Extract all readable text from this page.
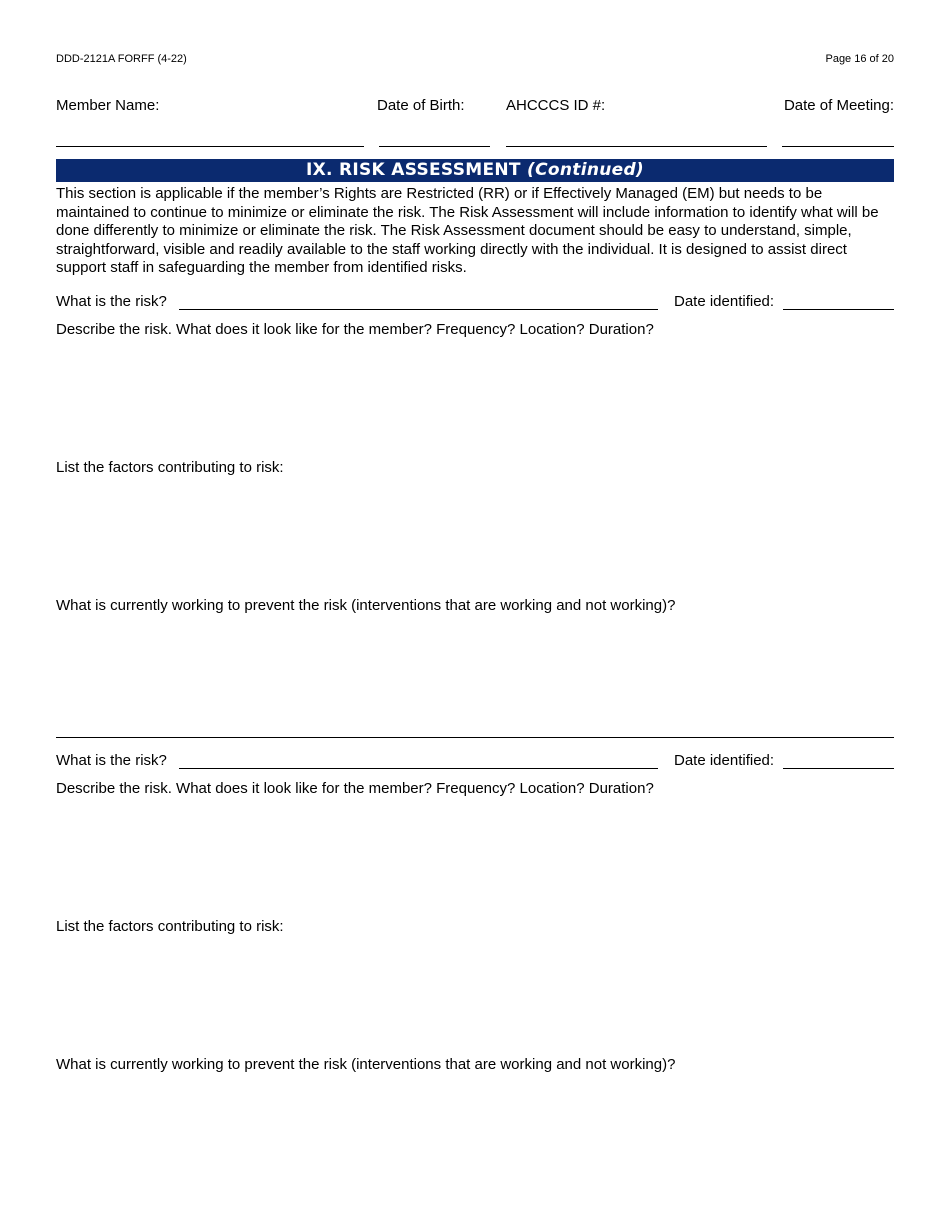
DDD-2121A FORFF (4-22)	Page 16 of 20
Member Name:	Date of Birth:	AHCCCS ID #:	Date of Meeting:
IX. RISK ASSESSMENT (Continued)
This section is applicable if the member’s Rights are Restricted (RR) or if Effectively Managed (EM) but needs to be maintained to continue to minimize or eliminate the risk. The Risk Assessment will include information to identify what will be done differently to minimize or eliminate the risk. The Risk Assessment document should be easy to understand, simple, straightforward, visible and readily available to the staff working directly with the individual. It is designed to assist direct support staff in safeguarding the member from identified risks.
What is the risk?	Date identified:
Describe the risk. What does it look like for the member? Frequency? Location? Duration?
List the factors contributing to risk:
What is currently working to prevent the risk (interventions that are working and not working)?
What is the risk?	Date identified:
Describe the risk. What does it look like for the member? Frequency? Location? Duration?
List the factors contributing to risk:
What is currently working to prevent the risk (interventions that are working and not working)?
